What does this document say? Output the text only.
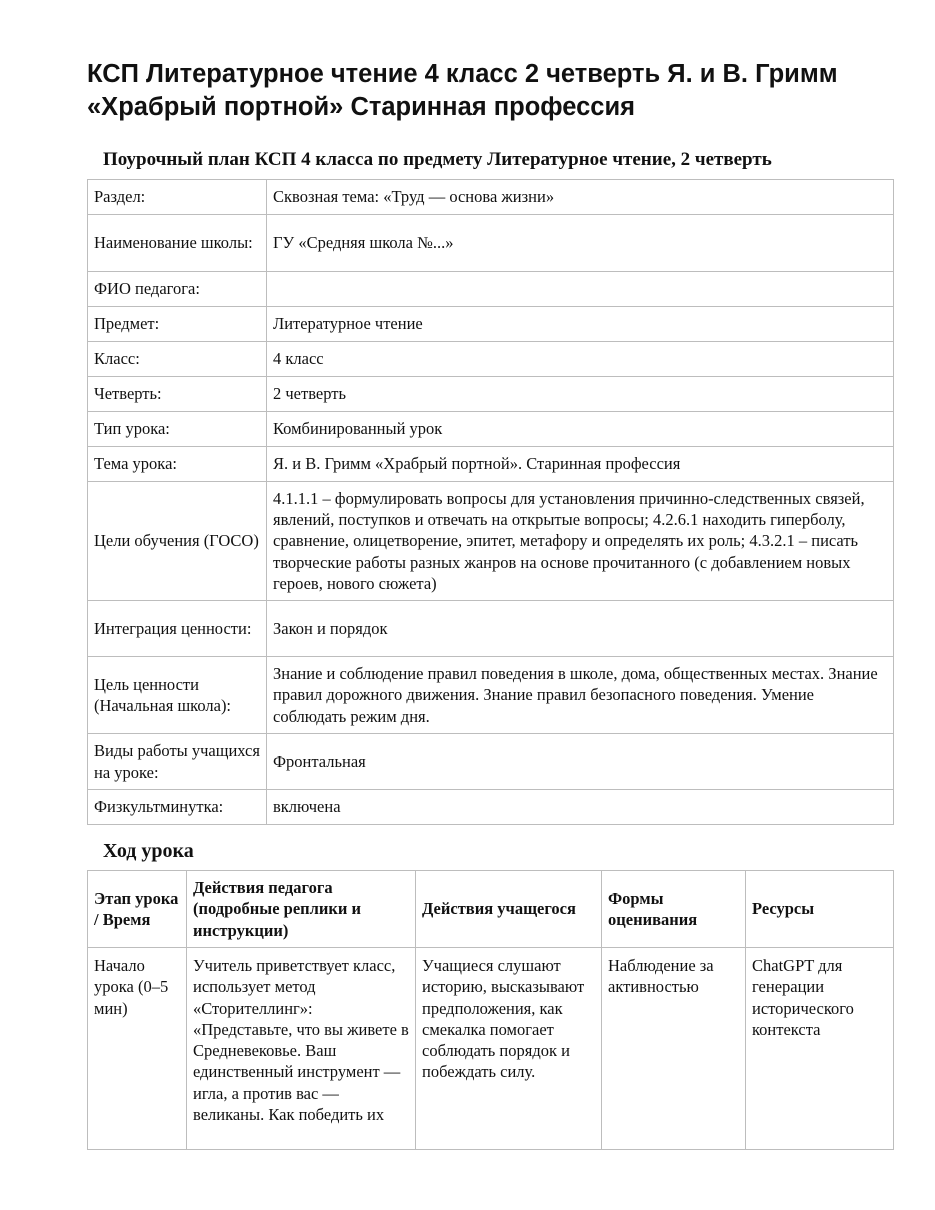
КСП Литературное чтение 4 класс 2 четверть Я. и В. Гримм «Храбрый портной» Старинная профессия
Поурочный план КСП 4 класса по предмету Литературное чтение, 2 четверть
Раздел:	Сквозная тема: «Труд — основа жизни»
Наименование школы:	ГУ «Средняя школа №...»
ФИО педагога:	
Предмет:	Литературное чтение
Класс:	4 класс
Четверть:	2 четверть
Тип урока:	Комбинированный урок
Тема урока:	Я. и В. Гримм «Храбрый портной». Старинная профессия
Цели обучения (ГОСО)	4.1.1.1 – формулировать вопросы для установления причинно-следственных связей, явлений, поступков и отвечать на открытые вопросы; 4.2.6.1 находить гиперболу, сравнение, олицетворение, эпитет, метафору и определять их роль; 4.3.2.1 – писать творческие работы разных жанров на основе прочитанного (с добавлением новых героев, нового сюжета)
Интеграция ценности:	Закон и порядок
Цель ценности (Начальная школа):	Знание и соблюдение правил поведения в школе, дома, общественных местах. Знание правил дорожного движения. Знание правил безопасного поведения. Умение соблюдать режим дня.
Виды работы учащихся на уроке:	Фронтальная
Физкультминутка:	включена
Ход урока
Этап урока / Время	Действия педагога (подробные реплики и инструкции)	Действия учащегося	Формы оценивания	Ресурсы
Начало урока (0–5 мин)	Учитель приветствует класс, использует метод «Сторителлинг»: «Представьте, что вы живете в Средневековье. Ваш единственный инструмент — игла, а против вас — великаны. Как победить их	Учащиеся слушают историю, высказывают предположения, как смекалка помогает соблюдать порядок и побеждать силу.	Наблюдение за активностью	ChatGPT для генерации исторического контекста
